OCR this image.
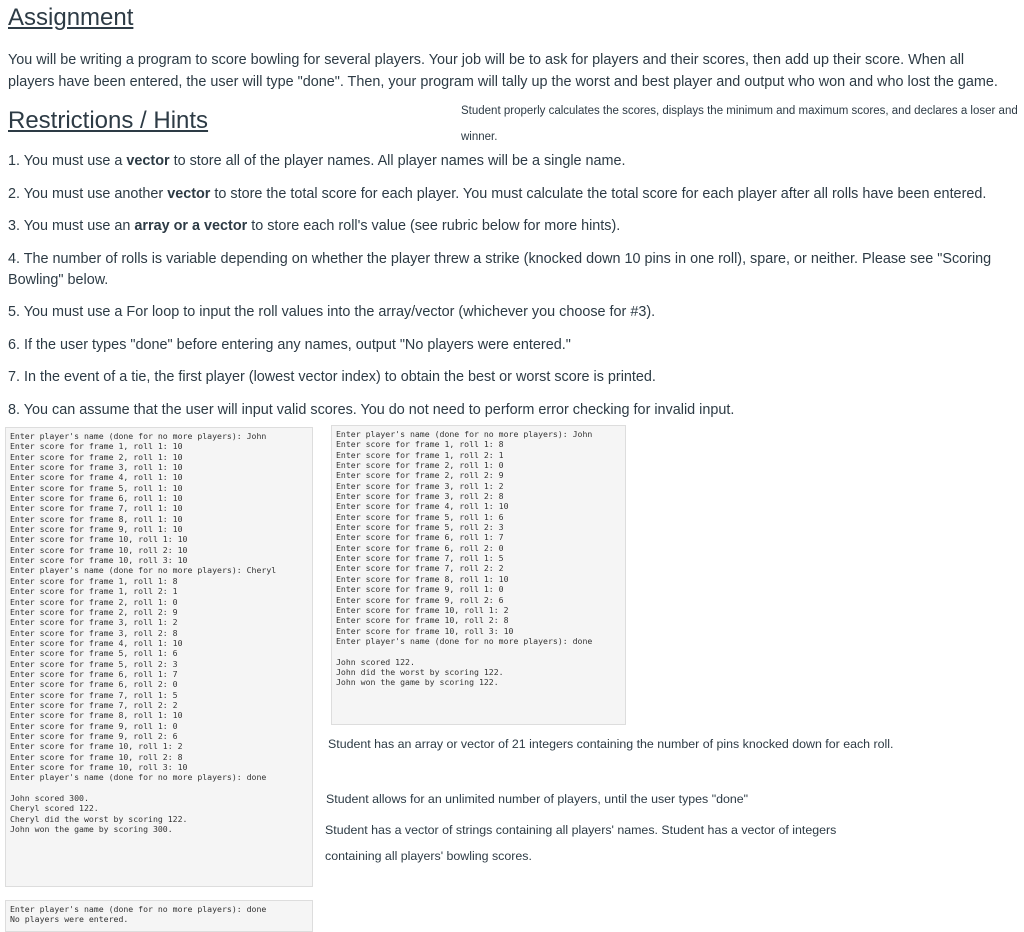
Assignment

You will be writing a program to score bowling for several players. Your job will be to ask for players and their scores, then add up their score. When all players have been entered, the user will type "done". Then, your program will tally up the worst and best player and output who won and who lost the game.

Restrictions / Hints	Student properly calculates the scores, displays the minimum and maximum scores, and declares a loser and winner.

1. You must use a vector to store all of the player names. All player names will be a single name.
2. You must use another vector to store the total score for each player. You must calculate the total score for each player after all rolls have been entered.
3. You must use an array or a vector to store each roll's value (see rubric below for more hints).
4. The number of rolls is variable depending on whether the player threw a strike (knocked down 10 pins in one roll), spare, or neither. Please see "Scoring Bowling" below.
5. You must use a For loop to input the roll values into the array/vector (whichever you choose for #3).
6. If the user types "done" before entering any names, output "No players were entered."
7. In the event of a tie, the first player (lowest vector index) to obtain the best or worst score is printed.
8. You can assume that the user will input valid scores. You do not need to perform error checking for invalid input.
Enter player's name (done for no more players): John
Enter score for frame 1, roll 1: 10
Enter score for frame 2, roll 1: 10
Enter score for frame 3, roll 1: 10
Enter score for frame 4, roll 1: 10
Enter score for frame 5, roll 1: 10
Enter score for frame 6, roll 1: 10
Enter score for frame 7, roll 1: 10
Enter score for frame 8, roll 1: 10
Enter score for frame 9, roll 1: 10
Enter score for frame 10, roll 1: 10
Enter score for frame 10, roll 2: 10
Enter score for frame 10, roll 3: 10
Enter player's name (done for no more players): Cheryl
Enter score for frame 1, roll 1: 8
Enter score for frame 1, roll 2: 1
Enter score for frame 2, roll 1: 0
Enter score for frame 2, roll 2: 9
Enter score for frame 3, roll 1: 2
Enter score for frame 3, roll 2: 8
Enter score for frame 4, roll 1: 10
Enter score for frame 5, roll 1: 6
Enter score for frame 5, roll 2: 3
Enter score for frame 6, roll 1: 7
Enter score for frame 6, roll 2: 0
Enter score for frame 7, roll 1: 5
Enter score for frame 7, roll 2: 2
Enter score for frame 8, roll 1: 10
Enter score for frame 9, roll 1: 0
Enter score for frame 9, roll 2: 6
Enter score for frame 10, roll 1: 2
Enter score for frame 10, roll 2: 8
Enter score for frame 10, roll 3: 10
Enter player's name (done for no more players): done

John scored 300.
Cheryl scored 122.
Cheryl did the worst by scoring 122.
John won the game by scoring 300.
Enter player's name (done for no more players): John
Enter score for frame 1, roll 1: 8
Enter score for frame 1, roll 2: 1
Enter score for frame 2, roll 1: 0
Enter score for frame 2, roll 2: 9
Enter score for frame 3, roll 1: 2
Enter score for frame 3, roll 2: 8
Enter score for frame 4, roll 1: 10
Enter score for frame 5, roll 1: 6
Enter score for frame 5, roll 2: 3
Enter score for frame 6, roll 1: 7
Enter score for frame 6, roll 2: 0
Enter score for frame 7, roll 1: 5
Enter score for frame 7, roll 2: 2
Enter score for frame 8, roll 1: 10
Enter score for frame 9, roll 1: 0
Enter score for frame 9, roll 2: 6
Enter score for frame 10, roll 1: 2
Enter score for frame 10, roll 2: 8
Enter score for frame 10, roll 3: 10
Enter player's name (done for no more players): done

John scored 122.
John did the worst by scoring 122.
John won the game by scoring 122.
Enter player's name (done for no more players): done
No players were entered.

Student has an array or vector of 21 integers containing the number of pins knocked down for each roll.

Student allows for an unlimited number of players, until the user types "done"

Student has a vector of strings containing all players' names. Student has a vector of integers containing all players' bowling scores.
